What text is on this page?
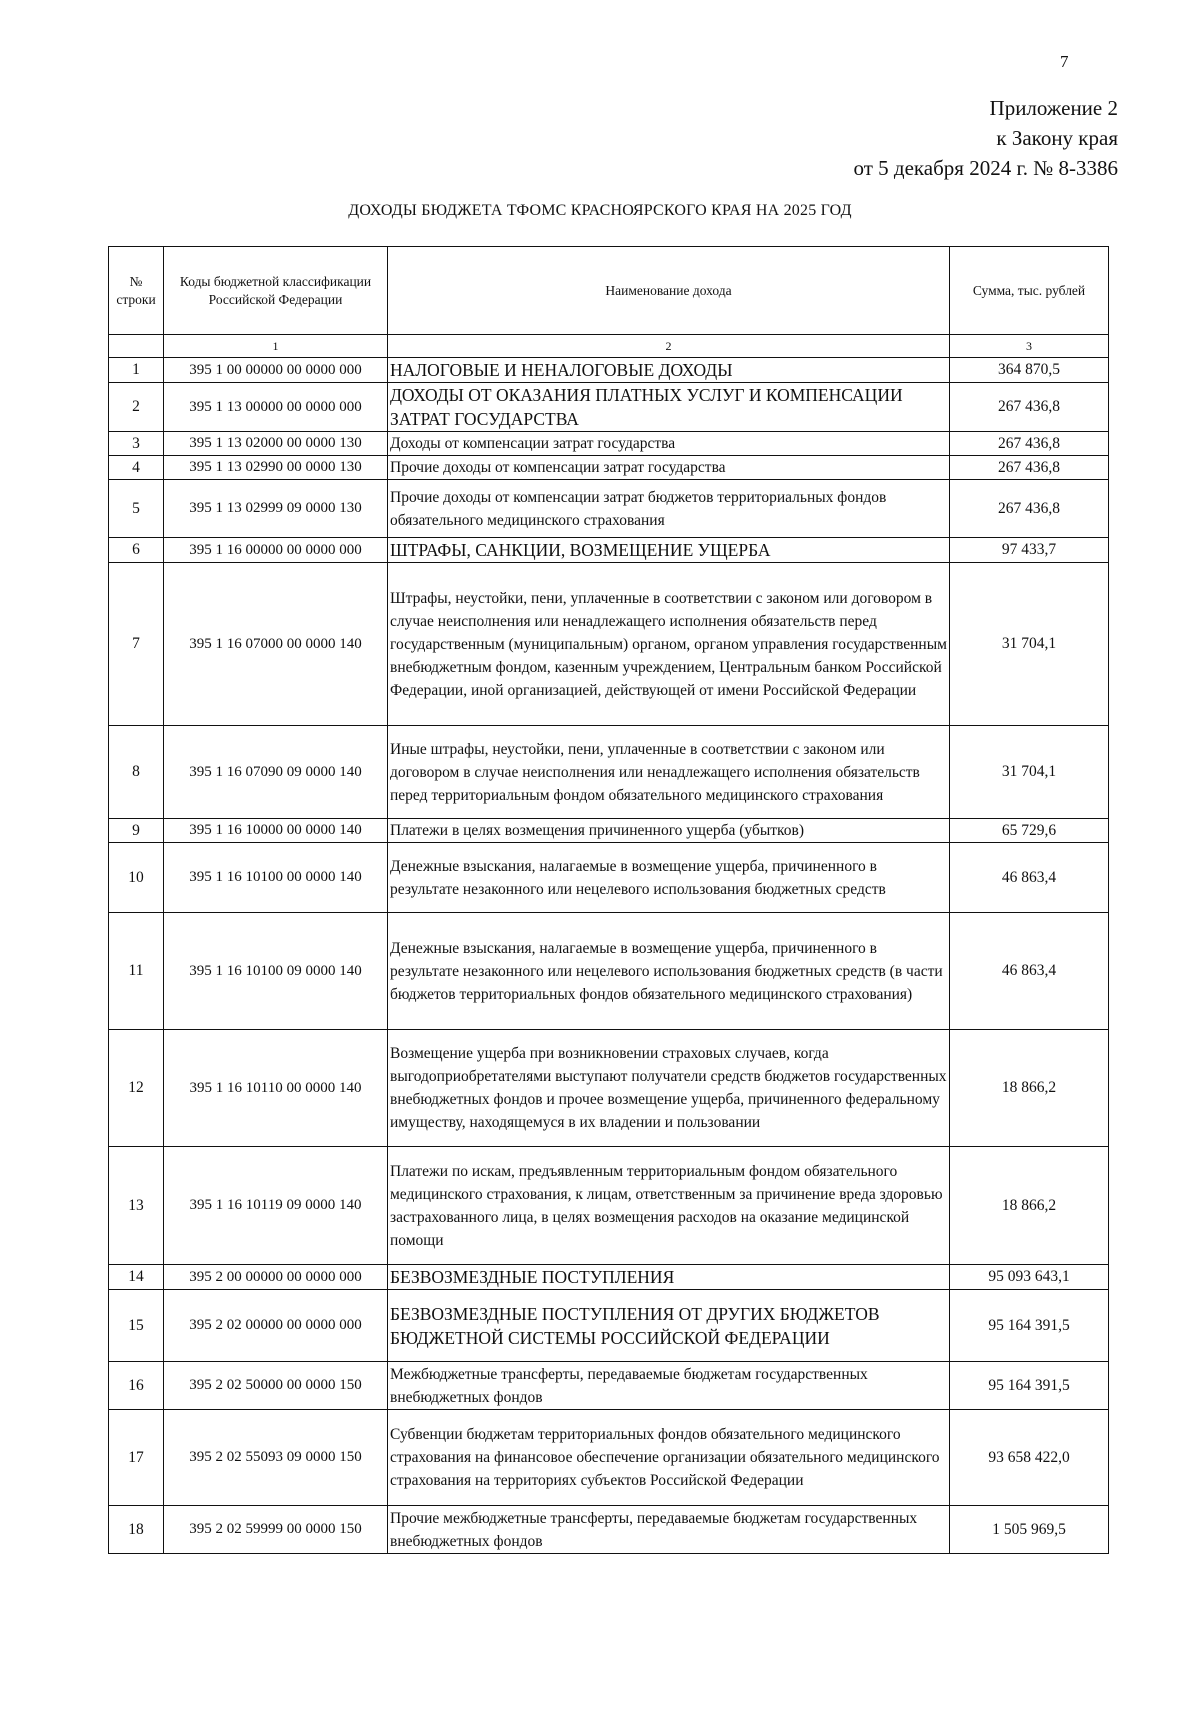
7
Приложение 2
к Закону края
от 5 декабря 2024 г. № 8-3386
ДОХОДЫ БЮДЖЕТА ТФОМС КРАСНОЯРСКОГО КРАЯ НА 2025 ГОД
№ строки	Коды бюджетной классификации Российской Федерации	Наименование дохода	Сумма, тыс. рублей
	1	2	3
1	395 1 00 00000 00 0000 000	НАЛОГОВЫЕ И НЕНАЛОГОВЫЕ ДОХОДЫ	364 870,5
2	395 1 13 00000 00 0000 000	ДОХОДЫ ОТ ОКАЗАНИЯ ПЛАТНЫХ УСЛУГ И КОМПЕНСАЦИИ ЗАТРАТ ГОСУДАРСТВА	267 436,8
3	395 1 13 02000 00 0000 130	Доходы от компенсации затрат государства	267 436,8
4	395 1 13 02990 00 0000 130	Прочие доходы от компенсации затрат государства	267 436,8
5	395 1 13 02999 09 0000 130	Прочие доходы от компенсации затрат бюджетов территориальных фондов обязательного медицинского страхования	267 436,8
6	395 1 16 00000 00 0000 000	ШТРАФЫ, САНКЦИИ, ВОЗМЕЩЕНИЕ УЩЕРБА	97 433,7
7	395 1 16 07000 00 0000 140	Штрафы, неустойки, пени, уплаченные в соответствии с законом или договором в случае неисполнения или ненадлежащего исполнения обязательств перед государственным (муниципальным) органом, органом управления государственным внебюджетным фондом, казенным учреждением, Центральным банком Российской Федерации, иной организацией, действующей от имени Российской Федерации	31 704,1
8	395 1 16 07090 09 0000 140	Иные штрафы, неустойки, пени, уплаченные в соответствии с законом или договором в случае неисполнения или ненадлежащего исполнения обязательств перед территориальным фондом обязательного медицинского страхования	31 704,1
9	395 1 16 10000 00 0000 140	Платежи в целях возмещения причиненного ущерба (убытков)	65 729,6
10	395 1 16 10100 00 0000 140	Денежные взыскания, налагаемые в возмещение ущерба, причиненного в результате незаконного или нецелевого использования бюджетных средств	46 863,4
11	395 1 16 10100 09 0000 140	Денежные взыскания, налагаемые в возмещение ущерба, причиненного в результате незаконного или нецелевого использования бюджетных средств (в части бюджетов территориальных фондов обязательного медицинского страхования)	46 863,4
12	395 1 16 10110 00 0000 140	Возмещение ущерба при возникновении страховых случаев, когда выгодоприобретателями выступают получатели средств бюджетов государственных внебюджетных фондов и прочее возмещение ущерба, причиненного федеральному имуществу, находящемуся в их владении и пользовании	18 866,2
13	395 1 16 10119 09 0000 140	Платежи по искам, предъявленным территориальным фондом обязательного медицинского страхования, к лицам, ответственным за причинение вреда здоровью застрахованного лица, в целях возмещения расходов на оказание медицинской помощи	18 866,2
14	395 2 00 00000 00 0000 000	БЕЗВОЗМЕЗДНЫЕ ПОСТУПЛЕНИЯ	95 093 643,1
15	395 2 02 00000 00 0000 000	БЕЗВОЗМЕЗДНЫЕ ПОСТУПЛЕНИЯ ОТ ДРУГИХ БЮДЖЕТОВ БЮДЖЕТНОЙ СИСТЕМЫ РОССИЙСКОЙ ФЕДЕРАЦИИ	95 164 391,5
16	395 2 02 50000 00 0000 150	Межбюджетные трансферты, передаваемые бюджетам государственных внебюджетных фондов	95 164 391,5
17	395 2 02 55093 09 0000 150	Субвенции бюджетам территориальных фондов обязательного медицинского страхования на финансовое обеспечение организации обязательного медицинского страхования на территориях субъектов Российской Федерации	93 658 422,0
18	395 2 02 59999 00 0000 150	Прочие межбюджетные трансферты, передаваемые бюджетам государственных внебюджетных фондов	1 505 969,5
